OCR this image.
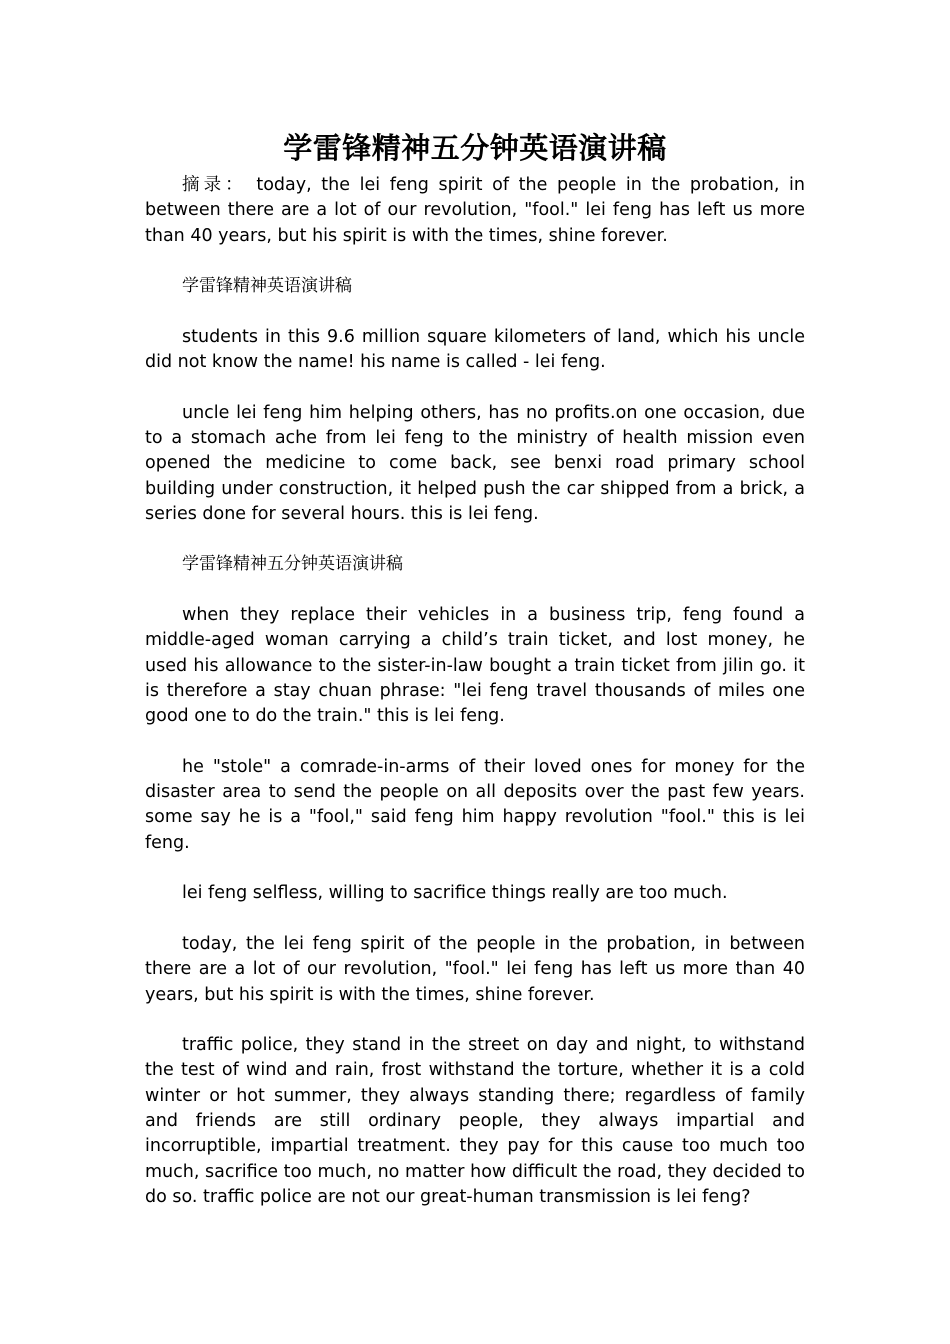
学雷锋精神五分钟英语演讲稿
摘录： today, the lei feng spirit of the people in the probation, in between there are a lot of our revolution, "fool." lei feng has left us more than 40 years, but his spirit is with the times, shine forever.
学雷锋精神英语演讲稿
students in this 9.6 million square kilometers of land, which his uncle did not know the name! his name is called - lei feng.
uncle lei feng him helping others, has no profits.on one occasion, due to a stomach ache from lei feng to the ministry of health mission even opened the medicine to come back, see benxi road primary school building under construction, it helped push the car shipped from a brick, a series done for several hours. this is lei feng.
学雷锋精神五分钟英语演讲稿
when they replace their vehicles in a business trip, feng found a middle-aged woman carrying a child’s train ticket, and lost money, he used his allowance to the sister-in-law bought a train ticket from jilin go. it is therefore a stay chuan phrase: "lei feng travel thousands of miles one good one to do the train." this is lei feng.
he "stole" a comrade-in-arms of their loved ones for money for the disaster area to send the people on all deposits over the past few years. some say he is a "fool," said feng him happy revolution "fool." this is lei feng.
lei feng selfless, willing to sacrifice things really are too much.
today, the lei feng spirit of the people in the probation, in between there are a lot of our revolution, "fool." lei feng has left us more than 40 years, but his spirit is with the times, shine forever.
traffic police, they stand in the street on day and night, to withstand the test of wind and rain, frost withstand the torture, whether it is a cold winter or hot summer, they always standing there; regardless of family and friends are still ordinary people, they always impartial and incorruptible, impartial treatment. they pay for this cause too much too much, sacrifice too much, no matter how difficult the road, they decided to do so. traffic police are not our great-human transmission is lei feng?
